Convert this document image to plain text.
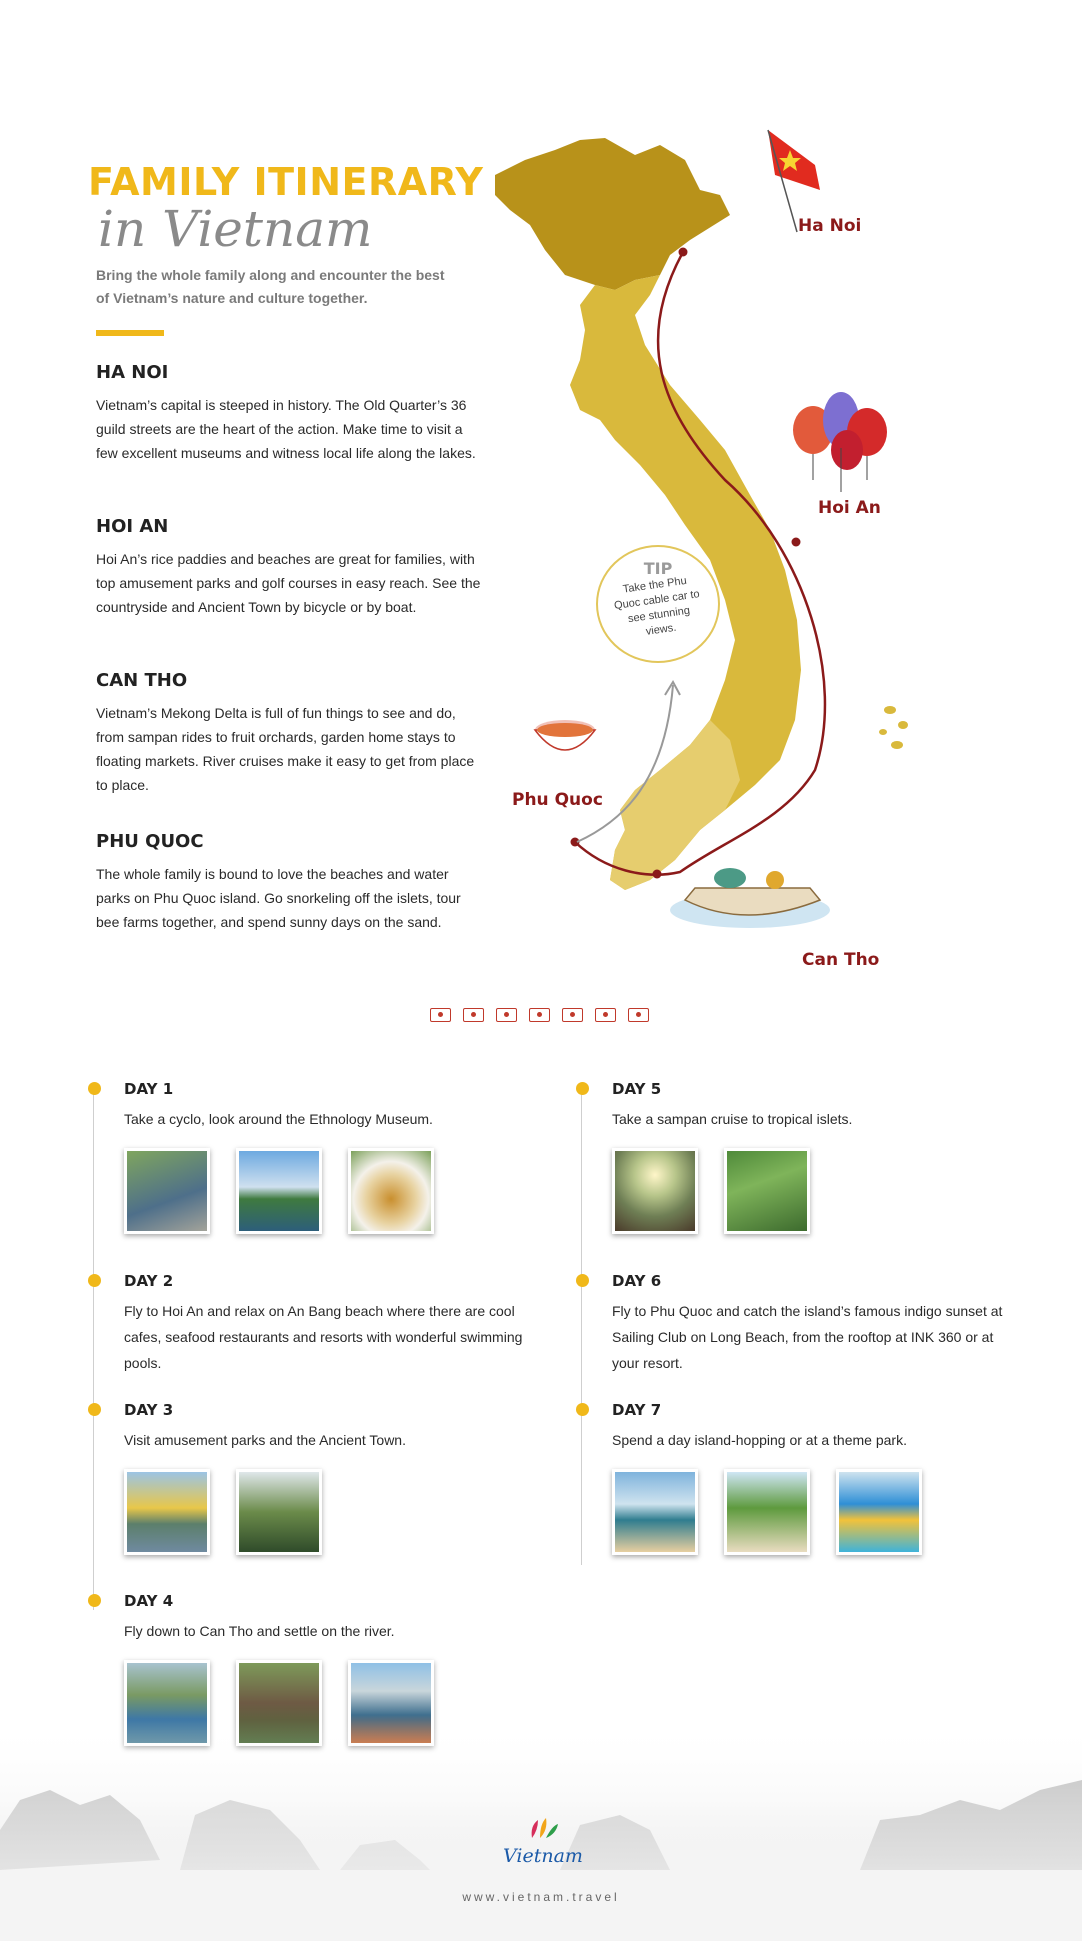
FAMILY ITINERARY
in Vietnam
Bring the whole family along and encounter the best of Vietnam’s nature and culture together.
HA NOI

Vietnam’s capital is steeped in history. The Old Quarter’s 36 guild streets are the heart of the action. Make time to visit a few excellent museums and witness local life along the lakes.

HOI AN

Hoi An’s rice paddies and beaches are great for families, with top amusement parks and golf courses in easy reach. See the countryside and Ancient Town by bicycle or by boat.

CAN THO

Vietnam’s Mekong Delta is full of fun things to see and do, from sampan rides to fruit orchards, garden home stays to floating markets. River cruises make it easy to get from place to place.

PHU QUOC

The whole family is bound to love the beaches and water parks on Phu Quoc island. Go snorkeling off the islets, tour bee farms together, and spend sunny days on the sand.

Ha Noi
Hoi An
Phu Quoc
Can Tho
TIP
Take the Phu Quoc cable car to see stunning views.
DAY 1

Take a cyclo, look around the Ethnology Museum.

DAY 2

Fly to Hoi An and relax on An Bang beach where there are cool cafes, seafood restaurants and resorts with wonderful swimming pools.

DAY 3

Visit amusement parks and the Ancient Town.

DAY 4

Fly down to Can Tho and settle on the river.

DAY 5

Take a sampan cruise to tropical islets.

DAY 6

Fly to Phu Quoc and catch the island’s famous indigo sunset at Sailing Club on Long Beach, from the rooftop at INK 360 or at your resort.

DAY 7

Spend a day island-hopping or at a theme park.

Vietnam
www.vietnam.travel
